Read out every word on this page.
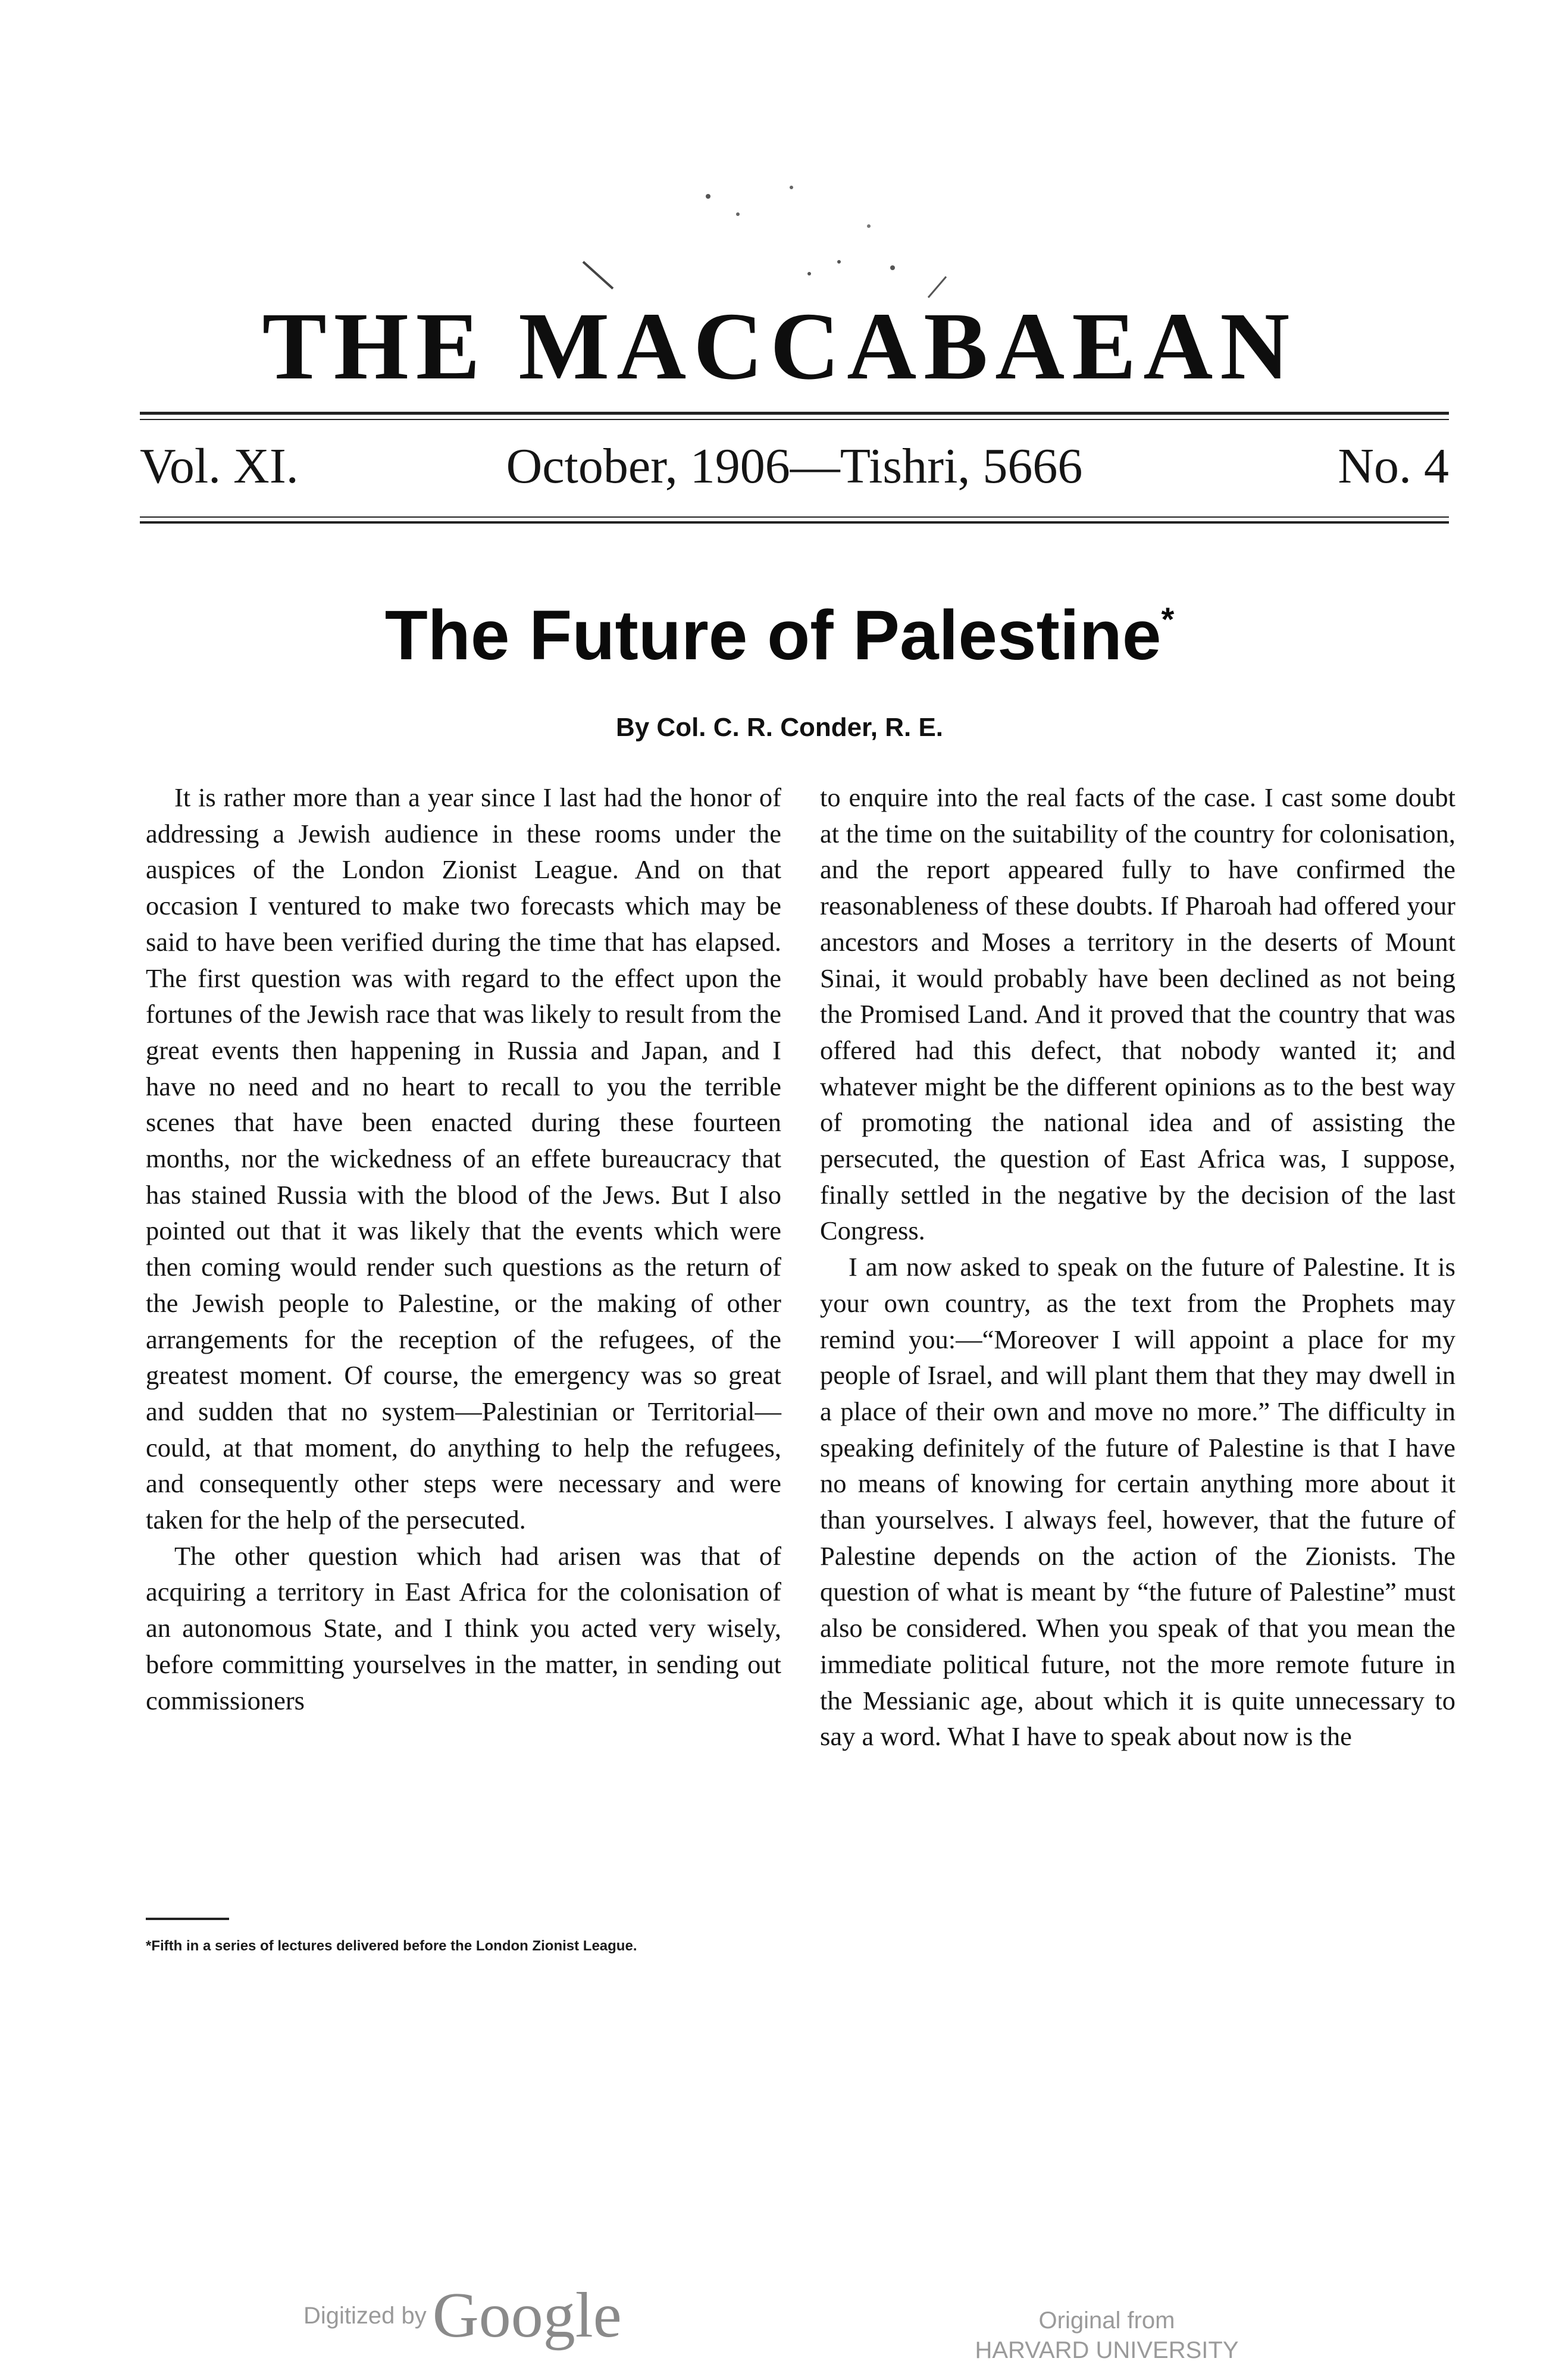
THE MACCABAEAN
Vol. XI.	October, 1906—Tishri, 5666	No. 4
The Future of Palestine*
By Col. C. R. Conder, R. E.

It is rather more than a year since I last had the honor of addressing a Jewish audience in these rooms under the auspices of the London Zionist League. And on that occasion I ventured to make two forecasts which may be said to have been verified during the time that has elapsed. The first question was with regard to the effect upon the fortunes of the Jewish race that was likely to result from the great events then happening in Russia and Japan, and I have no need and no heart to recall to you the terrible scenes that have been enacted during these fourteen months, nor the wickedness of an effete bureaucracy that has stained Russia with the blood of the Jews. But I also pointed out that it was likely that the events which were then coming would render such questions as the return of the Jewish people to Palestine, or the making of other arrangements for the reception of the refugees, of the greatest moment. Of course, the emergency was so great and sudden that no system—Palestinian or Territorial—could, at that moment, do anything to help the refugees, and consequently other steps were necessary and were taken for the help of the persecuted.

The other question which had arisen was that of acquiring a territory in East Africa for the colonisation of an autonomous State, and I think you acted very wisely, before committing yourselves in the matter, in sending out commissioners

to enquire into the real facts of the case. I cast some doubt at the time on the suitability of the country for colonisation, and the report appeared fully to have confirmed the reasonableness of these doubts. If Pharoah had offered your ancestors and Moses a territory in the deserts of Mount Sinai, it would probably have been declined as not being the Promised Land. And it proved that the country that was offered had this defect, that nobody wanted it; and whatever might be the different opinions as to the best way of promoting the national idea and of assisting the persecuted, the question of East Africa was, I suppose, finally settled in the negative by the decision of the last Congress.

I am now asked to speak on the future of Palestine. It is your own country, as the text from the Prophets may remind you:—“Moreover I will appoint a place for my people of Israel, and will plant them that they may dwell in a place of their own and move no more.” The difficulty in speaking definitely of the future of Palestine is that I have no means of knowing for certain anything more about it than yourselves. I always feel, however, that the future of Palestine depends on the action of the Zionists. The question of what is meant by “the future of Palestine” must also be considered. When you speak of that you mean the immediate political future, not the more remote future in the Messianic age, about which it is quite unnecessary to say a word. What I have to speak about now is the

*Fifth in a series of lectures delivered before the London Zionist League.
Digitized byGoogle	Original from
HARVARD UNIVERSITY
